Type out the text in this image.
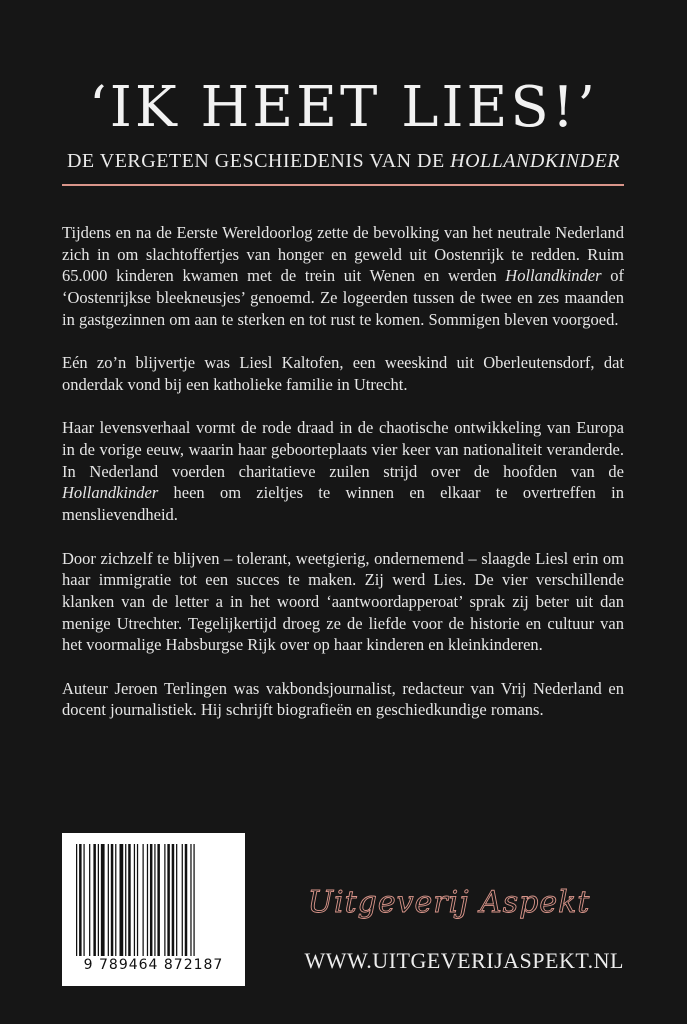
‘IK HEET LIES!’
DE VERGETEN GESCHIEDENIS VAN DE HOLLANDKINDER

Tijdens en na de Eerste Wereldoorlog zette de bevolking van het neutrale Nederland zich in om slachtoffertjes van honger en geweld uit Oostenrijk te redden. Ruim 65.000 kinderen kwamen met de trein uit Wenen en werden Hollandkinder of ‘Oostenrijkse bleekneusjes’ genoemd. Ze logeerden tussen de twee en zes maanden in gastgezinnen om aan te sterken en tot rust te komen. Sommigen bleven voorgoed.

Eén zo’n blijvertje was Liesl Kaltofen, een weeskind uit Oberleutensdorf, dat onderdak vond bij een katholieke familie in Utrecht.

Haar levensverhaal vormt de rode draad in de chaotische ontwikkeling van Europa in de vorige eeuw, waarin haar geboorteplaats vier keer van nationaliteit veranderde. In Nederland voerden charitatieve zuilen strijd over de hoofden van de Hollandkinder heen om zieltjes te winnen en elkaar te overtreffen in menslievendheid.

Door zichzelf te blijven – tolerant, weetgierig, ondernemend – slaagde Liesl erin om haar immigratie tot een succes te maken. Zij werd Lies. De vier verschillende klanken van de letter a in het woord ‘aantwoordapperoat’ sprak zij beter uit dan menige Utrechter. Tegelijkertijd droeg ze de liefde voor de historie en cultuur van het voormalige Habsburgse Rijk over op haar kinderen en kleinkinderen.

Auteur Jeroen Terlingen was vakbondsjournalist, redacteur van Vrij Nederland en docent journalistiek. Hij schrijft biografieën en geschiedkundige romans.

9 789464 872187
Uitgeverij Aspekt
WWW.UITGEVERIJASPEKT.NL
